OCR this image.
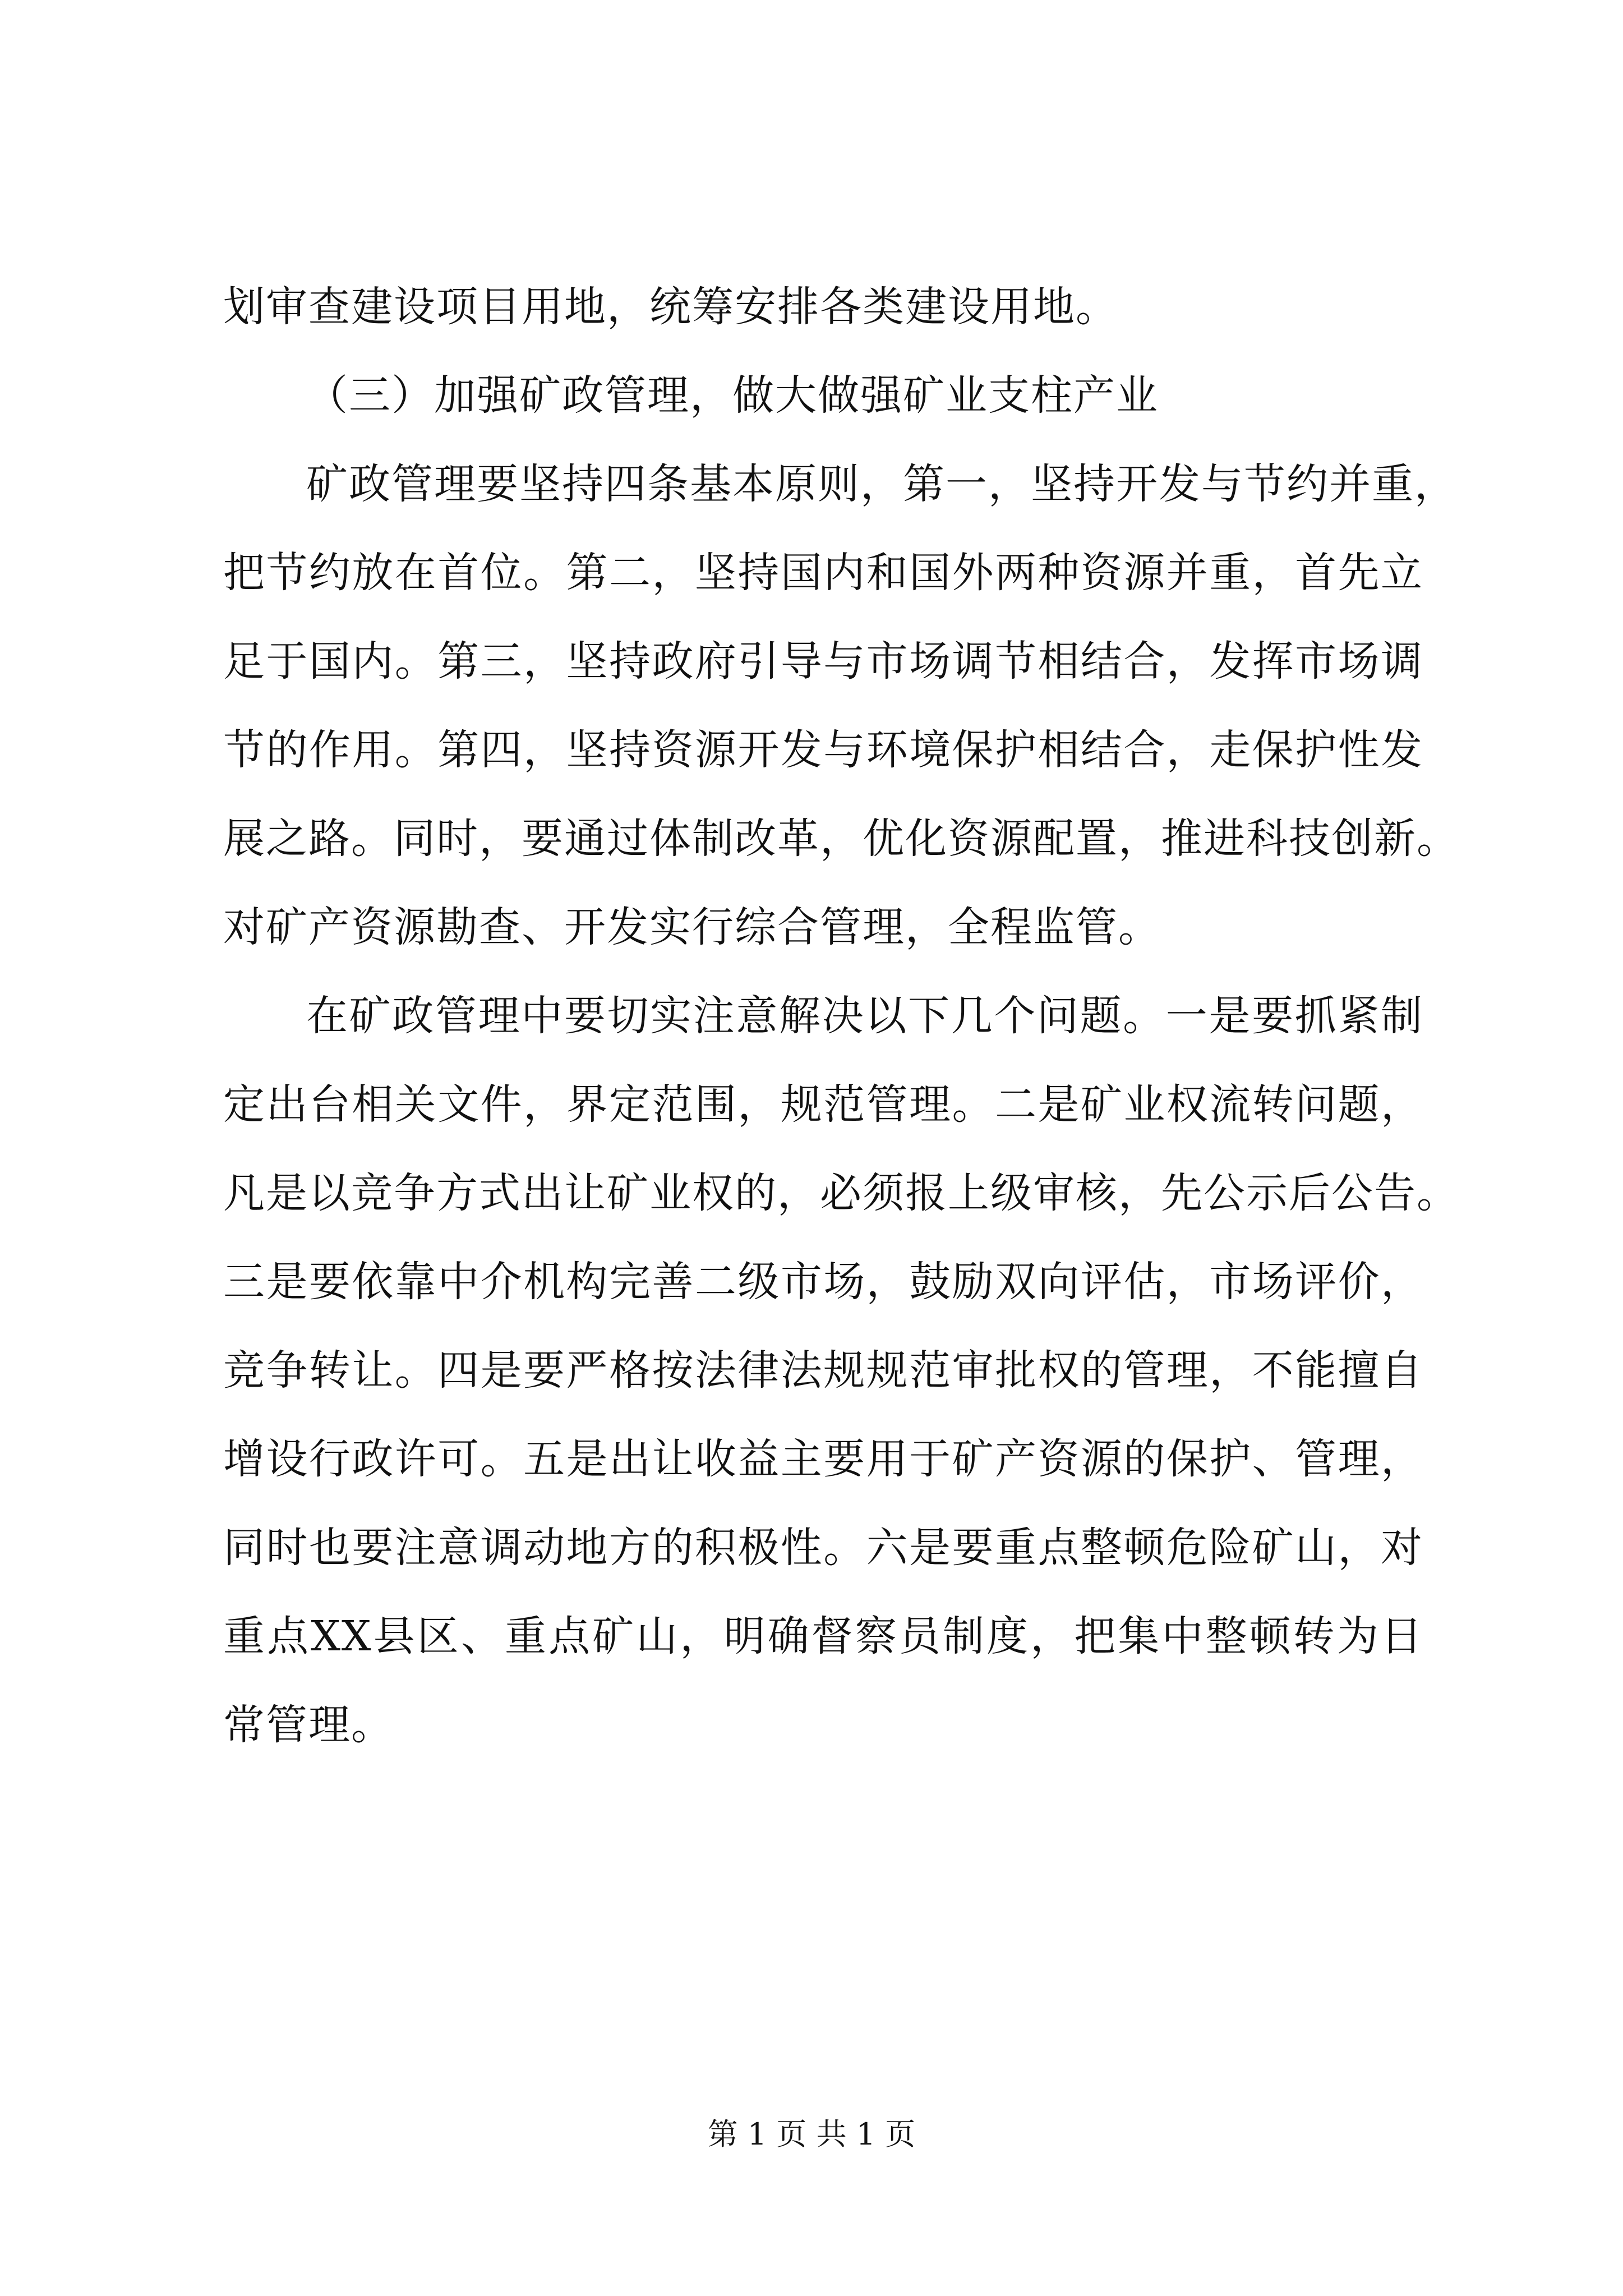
划审查建设项目用地，统筹安排各类建设用地。
（三）加强矿政管理，做大做强矿业支柱产业
矿政管理要坚持四条基本原则，第一，坚持开发与节约并重，
把节约放在首位。第二，坚持国内和国外两种资源并重，首先立
足于国内。第三，坚持政府引导与市场调节相结合，发挥市场调
节的作用。第四，坚持资源开发与环境保护相结合，走保护性发
展之路。同时，要通过体制改革，优化资源配置，推进科技创新。
对矿产资源勘查、开发实行综合管理，全程监管。
在矿政管理中要切实注意解决以下几个问题。一是要抓紧制
定出台相关文件，界定范围，规范管理。二是矿业权流转问题，
凡是以竞争方式出让矿业权的，必须报上级审核，先公示后公告。
三是要依靠中介机构完善二级市场，鼓励双向评估，市场评价，
竞争转让。四是要严格按法律法规规范审批权的管理，不能擅自
增设行政许可。五是出让收益主要用于矿产资源的保护、管理，
同时也要注意调动地方的积极性。六是要重点整顿危险矿山，对
重点XX县区、重点矿山，明确督察员制度，把集中整顿转为日
常管理。
第 1 页 共 1 页
